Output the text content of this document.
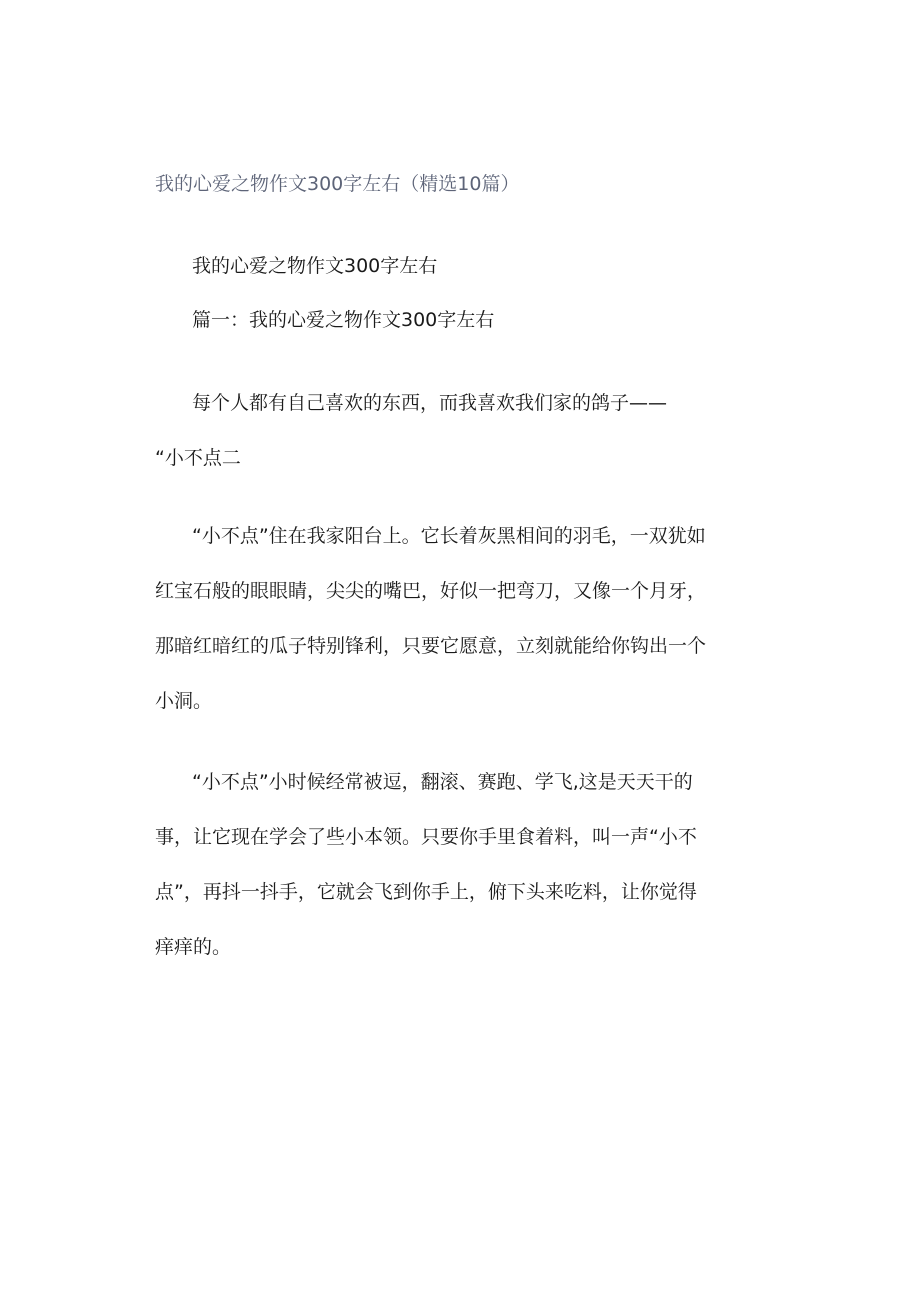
我的心爱之物作文300字左右（精选10篇）
我的心爱之物作文300字左右
篇一：我的心爱之物作文300字左右
每个人都有自己喜欢的东西，而我喜欢我们家的鸽子——
“小不点二
“小不点”住在我家阳台上。它长着灰黑相间的羽毛，一双犹如
红宝石般的眼眼睛，尖尖的嘴巴，好似一把弯刀，又像一个月牙，
那暗红暗红的瓜子特别锋利，只要它愿意，立刻就能给你钩出一个
小洞。
“小不点”小时候经常被逗，翻滚、赛跑、学飞,这是天天干的
事，让它现在学会了些小本领。只要你手里食着料，叫一声“小不
点”，再抖一抖手，它就会飞到你手上，俯下头来吃料，让你觉得
痒痒的。
